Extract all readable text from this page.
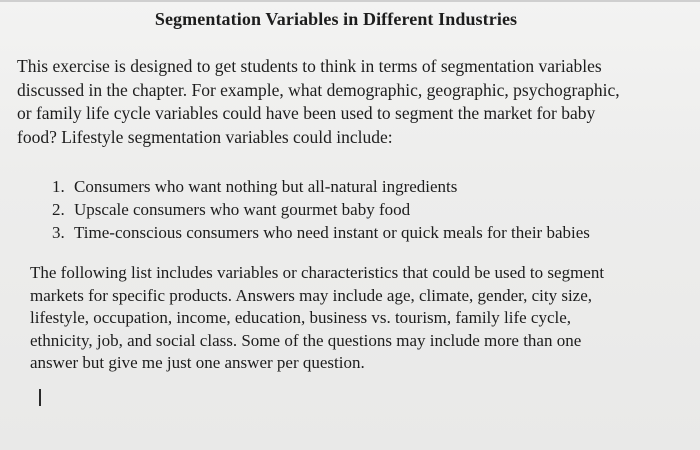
Segmentation Variables in Different Industries

This exercise is designed to get students to think in terms of segmentation variables
discussed in the chapter. For example, what demographic, geographic, psychographic,
or family life cycle variables could have been used to segment the market for baby
food? Lifestyle segmentation variables could include:

1. Consumers who want nothing but all-natural ingredients
2. Upscale consumers who want gourmet baby food
3. Time-conscious consumers who need instant or quick meals for their babies

The following list includes variables or characteristics that could be used to segment
markets for specific products. Answers may include age, climate, gender, city size,
lifestyle, occupation, income, education, business vs. tourism, family life cycle,
ethnicity, job, and social class. Some of the questions may include more than one
answer but give me just one answer per question.
